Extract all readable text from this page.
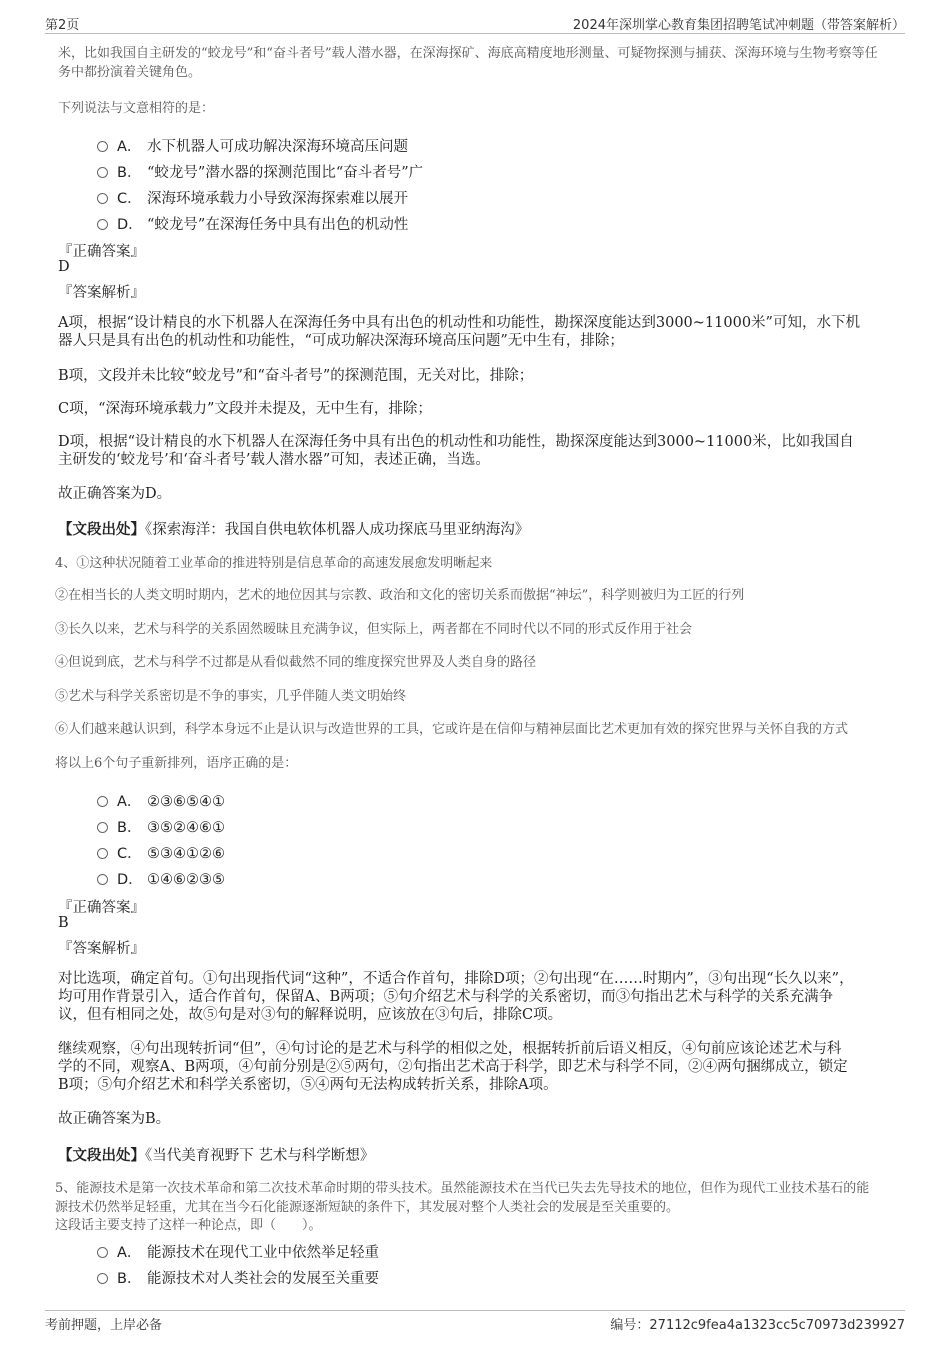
第2页	2024年深圳掌心教育集团招聘笔试冲刺题（带答案解析）
米，比如我国自主研发的“蛟龙号”和“奋斗者号”载人潜水器，在深海探矿、海底高精度地形测量、可疑物探测与捕获、深海环境与生物考察等任
务中都扮演着关键角色。
下列说法与文意相符的是：
A． 水下机器人可成功解决深海环境高压问题
B． “蛟龙号”潜水器的探测范围比“奋斗者号”广
C． 深海环境承载力小导致深海探索难以展开
D． “蛟龙号”在深海任务中具有出色的机动性
『正确答案』
D
『答案解析』
A项，根据“设计精良的水下机器人在深海任务中具有出色的机动性和功能性，勘探深度能达到3000~11000米”可知，水下机
器人只是具有出色的机动性和功能性，“可成功解决深海环境高压问题”无中生有，排除；
B项，文段并未比较“蛟龙号”和“奋斗者号”的探测范围，无关对比，排除；
C项，“深海环境承载力”文段并未提及，无中生有，排除；
D项，根据“设计精良的水下机器人在深海任务中具有出色的机动性和功能性，勘探深度能达到3000~11000米，比如我国自
主研发的‘蛟龙号’和‘奋斗者号’载人潜水器”可知，表述正确，当选。
故正确答案为D。
【文段出处】《探索海洋：我国自供电软体机器人成功探底马里亚纳海沟》
4、①这种状况随着工业革命的推进特别是信息革命的高速发展愈发明晰起来
②在相当长的人类文明时期内，艺术的地位因其与宗教、政治和文化的密切关系而傲据“神坛”，科学则被归为工匠的行列
③长久以来，艺术与科学的关系固然暧昧且充满争议，但实际上，两者都在不同时代以不同的形式反作用于社会
④但说到底，艺术与科学不过都是从看似截然不同的维度探究世界及人类自身的路径
⑤艺术与科学关系密切是不争的事实，几乎伴随人类文明始终
⑥人们越来越认识到，科学本身远不止是认识与改造世界的工具，它或许是在信仰与精神层面比艺术更加有效的探究世界与关怀自我的方式
将以上6个句子重新排列，语序正确的是：
A． ②③⑥⑤④①
B． ③⑤②④⑥①
C． ⑤③④①②⑥
D． ①④⑥②③⑤
『正确答案』
B
『答案解析』
对比选项，确定首句。①句出现指代词“这种”，不适合作首句，排除D项；②句出现“在……时期内”，③句出现“长久以来”，
均可用作背景引入，适合作首句，保留A、B两项；⑤句介绍艺术与科学的关系密切，而③句指出艺术与科学的关系充满争
议，但有相同之处，故⑤句是对③句的解释说明，应该放在③句后，排除C项。
继续观察，④句出现转折词“但”，④句讨论的是艺术与科学的相似之处，根据转折前后语义相反，④句前应该论述艺术与科
学的不同，观察A、B两项，④句前分别是②⑤两句，②句指出艺术高于科学，即艺术与科学不同，②④两句捆绑成立，锁定
B项；⑤句介绍艺术和科学关系密切，⑤④两句无法构成转折关系，排除A项。
故正确答案为B。
【文段出处】《当代美育视野下 艺术与科学断想》
5、能源技术是第一次技术革命和第二次技术革命时期的带头技术。虽然能源技术在当代已失去先导技术的地位，但作为现代工业技术基石的能
源技术仍然举足轻重，尤其在当今石化能源逐渐短缺的条件下，其发展对整个人类社会的发展是至关重要的。
这段话主要支持了这样一种论点，即（　　）。
A． 能源技术在现代工业中依然举足轻重
B． 能源技术对人类社会的发展至关重要
考前押题，上岸必备	编号：27112c9fea4a1323cc5c70973d239927
